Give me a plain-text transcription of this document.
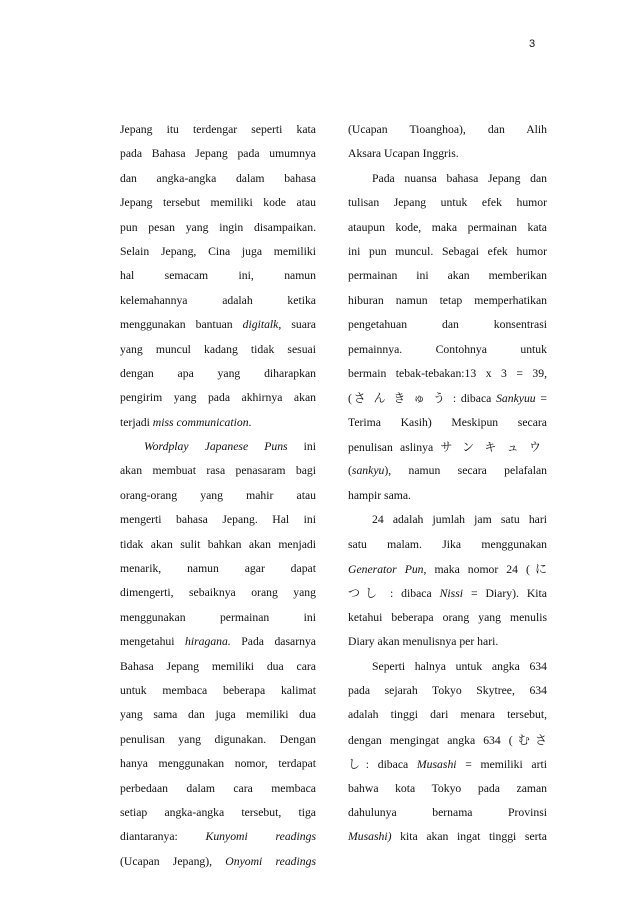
3
Jepang itu terdengar seperti kata
pada Bahasa Jepang pada umumnya
dan angka-angka dalam bahasa
Jepang tersebut memiliki kode atau
pun pesan yang ingin disampaikan.
Selain Jepang, Cina juga memiliki
hal semacam ini, namun
kelemahannya adalah ketika
menggunakan bantuan digitalk, suara
yang muncul kadang tidak sesuai
dengan apa yang diharapkan
pengirim yang pada akhirnya akan
terjadi miss communication.
Wordplay Japanese Puns ini
akan membuat rasa penasaram bagi
orang-orang yang mahir atau
mengerti bahasa Jepang. Hal ini
tidak akan sulit bahkan akan menjadi
menarik, namun agar dapat
dimengerti, sebaiknya orang yang
menggunakan permainan ini
mengetahui hiragana. Pada dasarnya
Bahasa Jepang memiliki dua cara
untuk membaca beberapa kalimat
yang sama dan juga memiliki dua
penulisan yang digunakan. Dengan
hanya menggunakan nomor, terdapat
perbedaan dalam cara membaca
setiap angka-angka tersebut, tiga
diantaranya: Kunyomi readings
(Ucapan Jepang), Onyomi readings
(Ucapan Tioanghoa), dan Alih
Aksara Ucapan Inggris.
Pada nuansa bahasa Jepang dan
tulisan Jepang untuk efek humor
ataupun kode, maka permainan kata
ini pun muncul. Sebagai efek humor
permainan ini akan memberikan
hiburan namun tetap memperhatikan
pengetahuan dan konsentrasi
pemainnya. Contohnya untuk
bermain tebak-tebakan:13 x 3 = 39,
(さんきゅう: dibaca Sankyuu =
Terima Kasih) Meskipun secara
penulisan aslinya サンキュウ
(sankyu), namun secara pelafalan
hampir sama.
24 adalah jumlah jam satu hari
satu malam. Jika menggunakan
Generator Pun, maka nomor 24 (に
つし : dibaca Nissi = Diary). Kita
ketahui beberapa orang yang menulis
Diary akan menulisnya per hari.
Seperti halnya untuk angka 634
pada sejarah Tokyo Skytree, 634
adalah tinggi dari menara tersebut,
dengan mengingat angka 634 (むさ
し: dibaca Musashi = memiliki arti
bahwa kota Tokyo pada zaman
dahulunya bernama Provinsi
Musashi) kita akan ingat tinggi serta
